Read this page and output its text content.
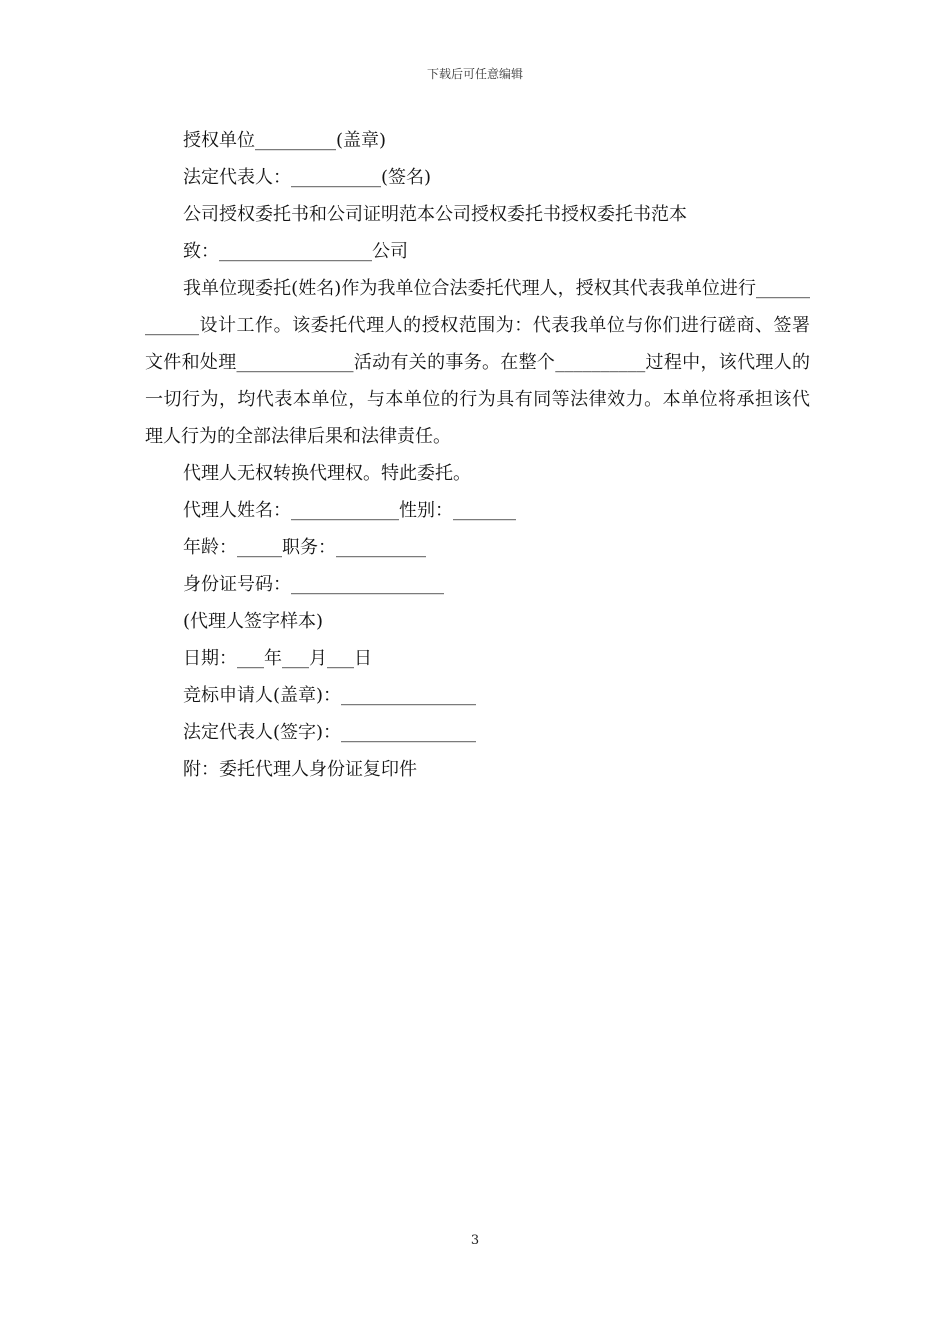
下载后可任意编辑
授权单位_________(盖章)
法定代表人：__________(签名)
公司授权委托书和公司证明范本公司授权委托书授权委托书范本
致：_________________公司
我单位现委托(姓名)作为我单位合法委托代理人，授权其代表我单位进行____________设计工作。该委托代理人的授权范围为：代表我单位与你们进行磋商、签署文件和处理_____________活动有关的事务。在整个__________过程中，该代理人的一切行为，均代表本单位，与本单位的行为具有同等法律效力。本单位将承担该代理人行为的全部法律后果和法律责任。
代理人无权转换代理权。特此委托。
代理人姓名：____________性别：_______
年龄：_____职务：__________
身份证号码：_________________
(代理人签字样本)
日期：___年___月___日
竞标申请人(盖章)：_______________
法定代表人(签字)：_______________
附：委托代理人身份证复印件
3
